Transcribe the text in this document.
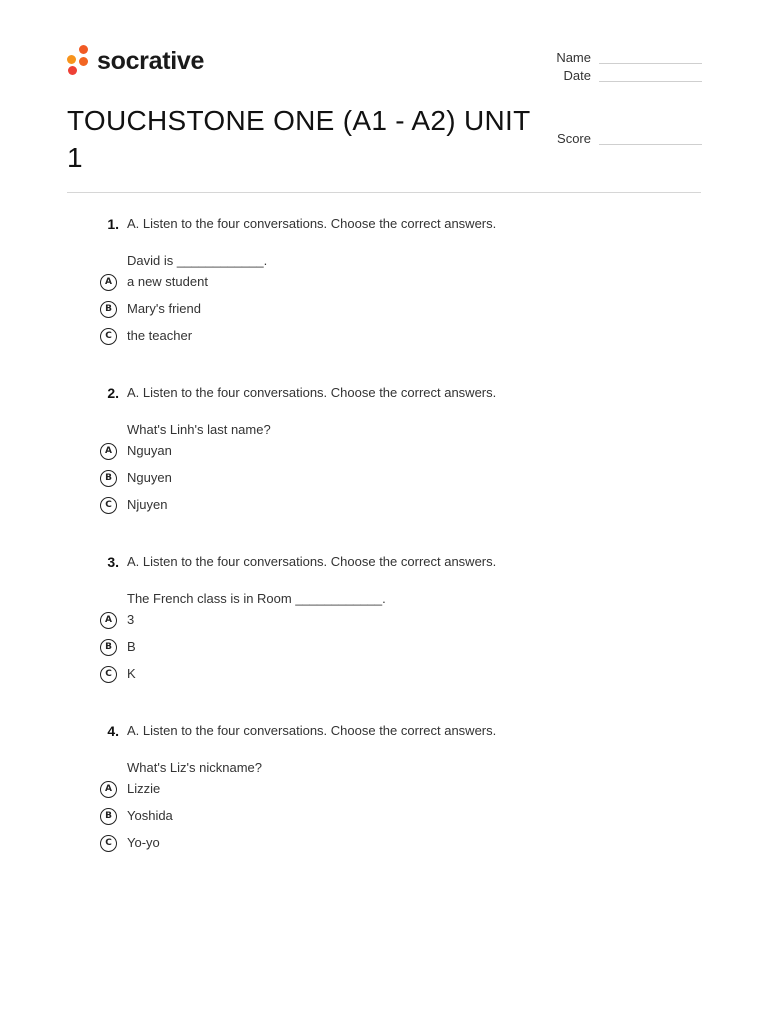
socrative	Name
Date
Score
TOUCHSTONE ONE (A1 - A2) UNIT 1
1. A. Listen to the four conversations. Choose the correct answers.
David is ____________.
A	a new student
B	Mary's friend
C	the teacher
2. A. Listen to the four conversations. Choose the correct answers.
What's Linh's last name?
A	Nguyan
B	Nguyen
C	Njuyen
3. A. Listen to the four conversations. Choose the correct answers.
The French class is in Room ____________.
A	3
B	B
C	K
4. A. Listen to the four conversations. Choose the correct answers.
What's Liz's nickname?
A	Lizzie
B	Yoshida
C	Yo-yo
